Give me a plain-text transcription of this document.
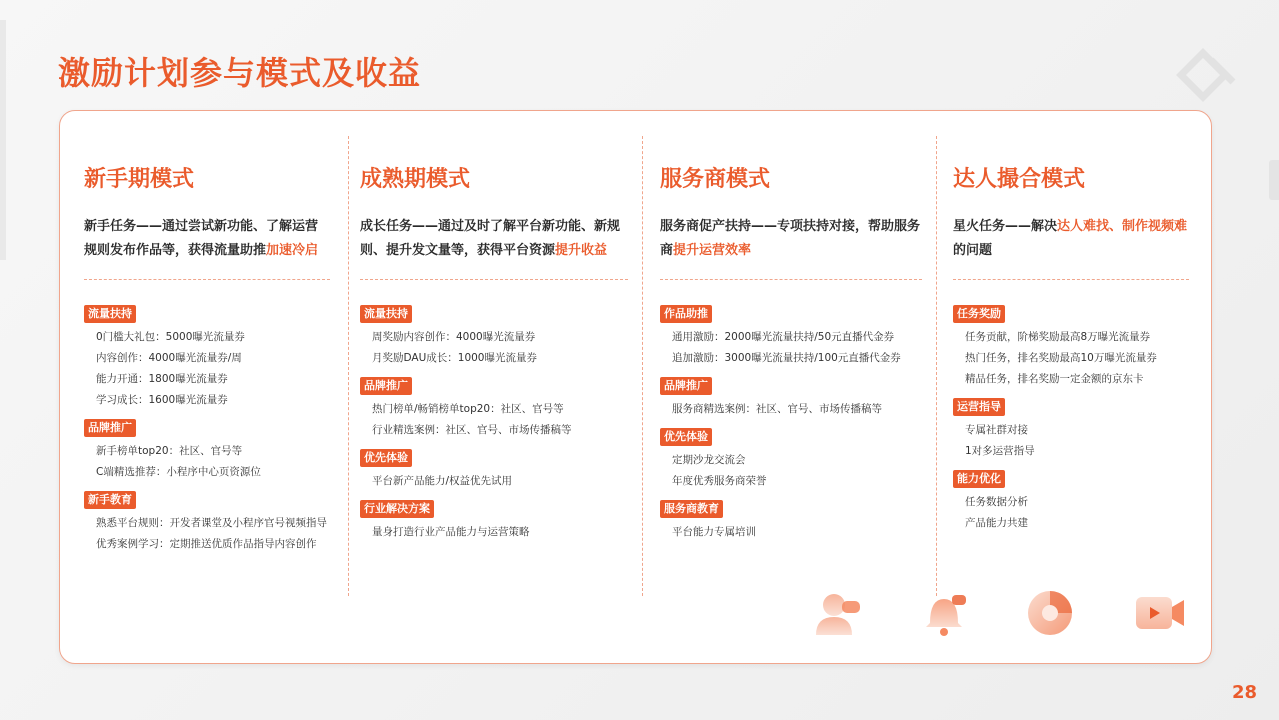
激励计划参与模式及收益
新手期模式
新手任务——通过尝试新功能、了解运营规则发布作品等，获得流量助推加速冷启
流量扶持
0门槛大礼包：5000曝光流量券
内容创作：4000曝光流量券/周
能力开通：1800曝光流量券
学习成长：1600曝光流量券
品牌推广
新手榜单top20：社区、官号等
C端精选推荐：小程序中心页资源位
新手教育
熟悉平台规则：开发者课堂及小程序官号视频指导
优秀案例学习：定期推送优质作品指导内容创作
成熟期模式
成长任务——通过及时了解平台新功能、新规则、提升发文量等，获得平台资源提升收益
流量扶持
周奖励内容创作：4000曝光流量券
月奖励DAU成长：1000曝光流量券
品牌推广
热门榜单/畅销榜单top20：社区、官号等
行业精选案例：社区、官号、市场传播稿等
优先体验
平台新产品能力/权益优先试用
行业解决方案
量身打造行业产品能力与运营策略
服务商模式
服务商促产扶持——专项扶持对接，帮助服务商提升运营效率
作品助推
通用激励：2000曝光流量扶持/50元直播代金券
追加激励：3000曝光流量扶持/100元直播代金券
品牌推广
服务商精选案例：社区、官号、市场传播稿等
优先体验
定期沙龙交流会
年度优秀服务商荣誉
服务商教育
平台能力专属培训
达人撮合模式
星火任务——解决达人难找、制作视频难的问题
任务奖励
任务贡献，阶梯奖励最高8万曝光流量券
热门任务，排名奖励最高10万曝光流量券
精品任务，排名奖励一定金额的京东卡
运营指导
专属社群对接
1对多运营指导
能力优化
任务数据分析
产品能力共建
28
